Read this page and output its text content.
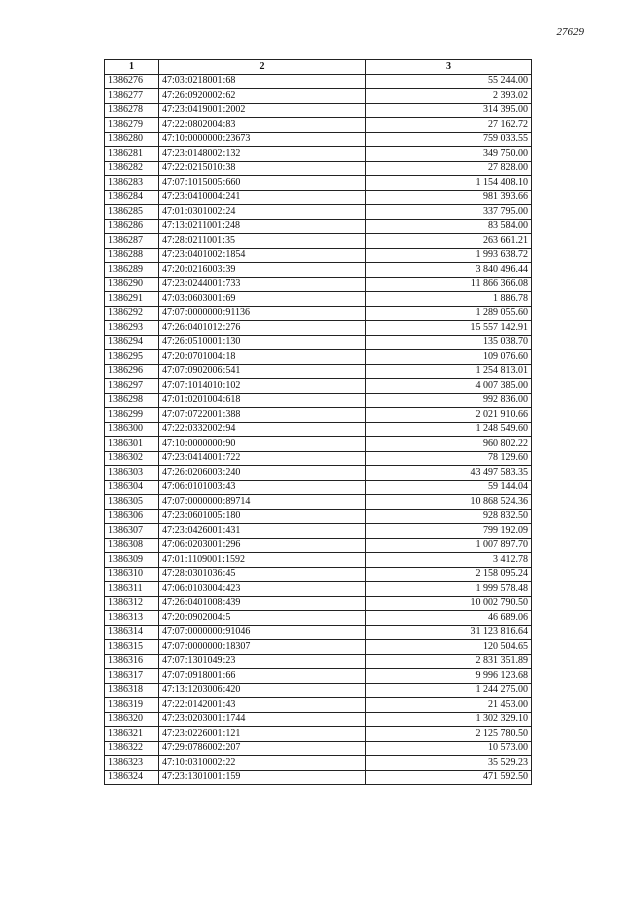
27629
1	2	3
1386276	47:03:0218001:68	55 244.00
1386277	47:26:0920002:62	2 393.02
1386278	47:23:0419001:2002	314 395.00
1386279	47:22:0802004:83	27 162.72
1386280	47:10:0000000:23673	759 033.55
1386281	47:23:0148002:132	349 750.00
1386282	47:22:0215010:38	27 828.00
1386283	47:07:1015005:660	1 154 408.10
1386284	47:23:0410004:241	981 393.66
1386285	47:01:0301002:24	337 795.00
1386286	47:13:0211001:248	83 584.00
1386287	47:28:0211001:35	263 661.21
1386288	47:23:0401002:1854	1 993 638.72
1386289	47:20:0216003:39	3 840 496.44
1386290	47:23:0244001:733	11 866 366.08
1386291	47:03:0603001:69	1 886.78
1386292	47:07:0000000:91136	1 289 055.60
1386293	47:26:0401012:276	15 557 142.91
1386294	47:26:0510001:130	135 038.70
1386295	47:20:0701004:18	109 076.60
1386296	47:07:0902006:541	1 254 813.01
1386297	47:07:1014010:102	4 007 385.00
1386298	47:01:0201004:618	992 836.00
1386299	47:07:0722001:388	2 021 910.66
1386300	47:22:0332002:94	1 248 549.60
1386301	47:10:0000000:90	960 802.22
1386302	47:23:0414001:722	78 129.60
1386303	47:26:0206003:240	43 497 583.35
1386304	47:06:0101003:43	59 144.04
1386305	47:07:0000000:89714	10 868 524.36
1386306	47:23:0601005:180	928 832.50
1386307	47:23:0426001:431	799 192.09
1386308	47:06:0203001:296	1 007 897.70
1386309	47:01:1109001:1592	3 412.78
1386310	47:28:0301036:45	2 158 095.24
1386311	47:06:0103004:423	1 999 578.48
1386312	47:26:0401008:439	10 002 790.50
1386313	47:20:0902004:5	46 689.06
1386314	47:07:0000000:91046	31 123 816.64
1386315	47:07:0000000:18307	120 504.65
1386316	47:07:1301049:23	2 831 351.89
1386317	47:07:0918001:66	9 996 123.68
1386318	47:13:1203006:420	1 244 275.00
1386319	47:22:0142001:43	21 453.00
1386320	47:23:0203001:1744	1 302 329.10
1386321	47:23:0226001:121	2 125 780.50
1386322	47:29:0786002:207	10 573.00
1386323	47:10:0310002:22	35 529.23
1386324	47:23:1301001:159	471 592.50
